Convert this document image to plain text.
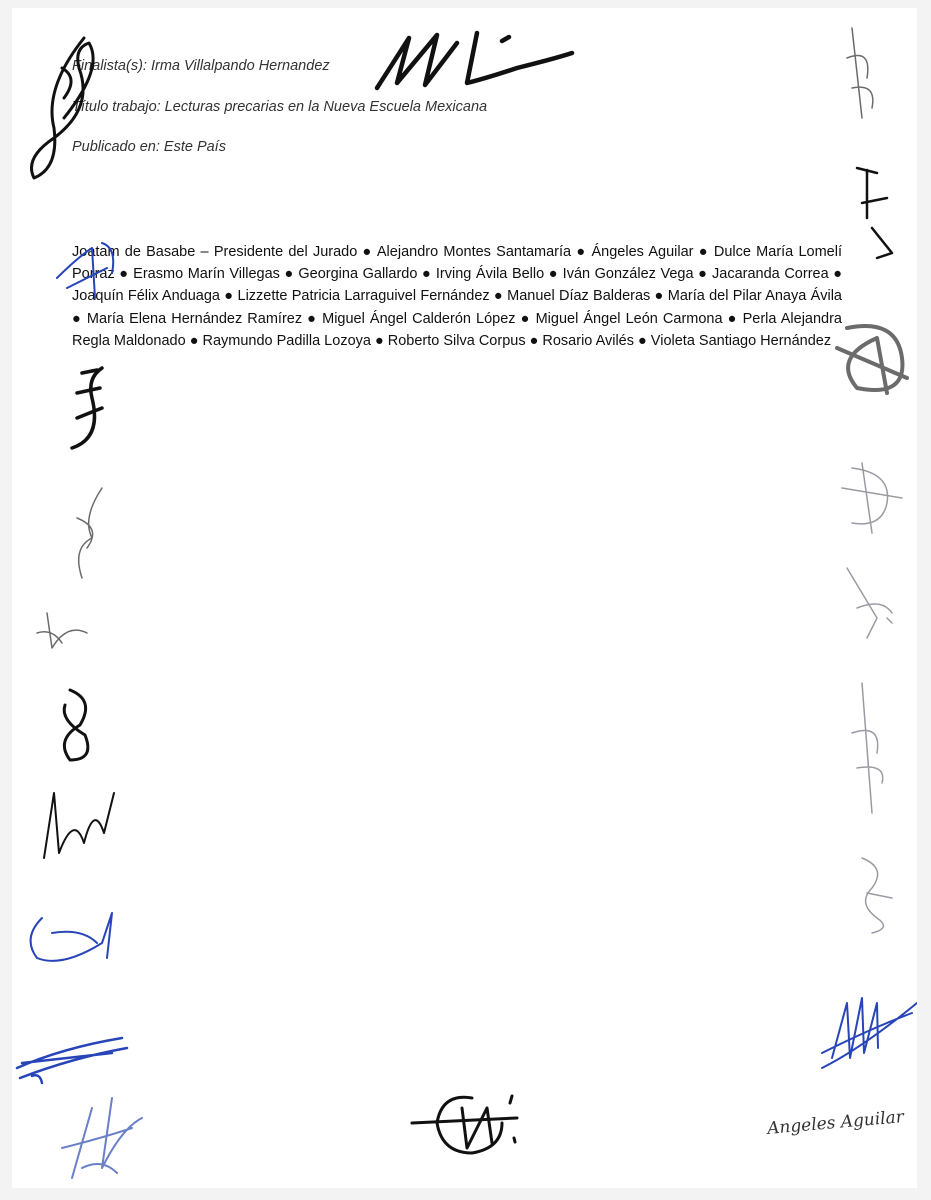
Finalista(s): Irma Villalpando Hernandez
Título trabajo: Lecturas precarias en la Nueva Escuela Mexicana
Publicado en: Este País
Joatam de Basabe – Presidente del Jurado ● Alejandro Montes Santamaría ● Ángeles Aguilar ● Dulce María Lomelí Porraz ● Erasmo Marín Villegas ● Georgina Gallardo ● Irving Ávila Bello ● Iván González Vega ● Jacaranda Correa ● Joaquín Félix Anduaga ● Lizzette Patricia Larraguivel Fernández ● Manuel Díaz Balderas ● María del Pilar Anaya Ávila ● María Elena Hernández Ramírez ● Miguel Ángel Calderón López ● Miguel Ángel León Carmona ● Perla Alejandra Regla Maldonado ● Raymundo Padilla Lozoya ● Roberto Silva Corpus ● Rosario Avilés ● Violeta Santiago Hernández
Angeles Aguilar
